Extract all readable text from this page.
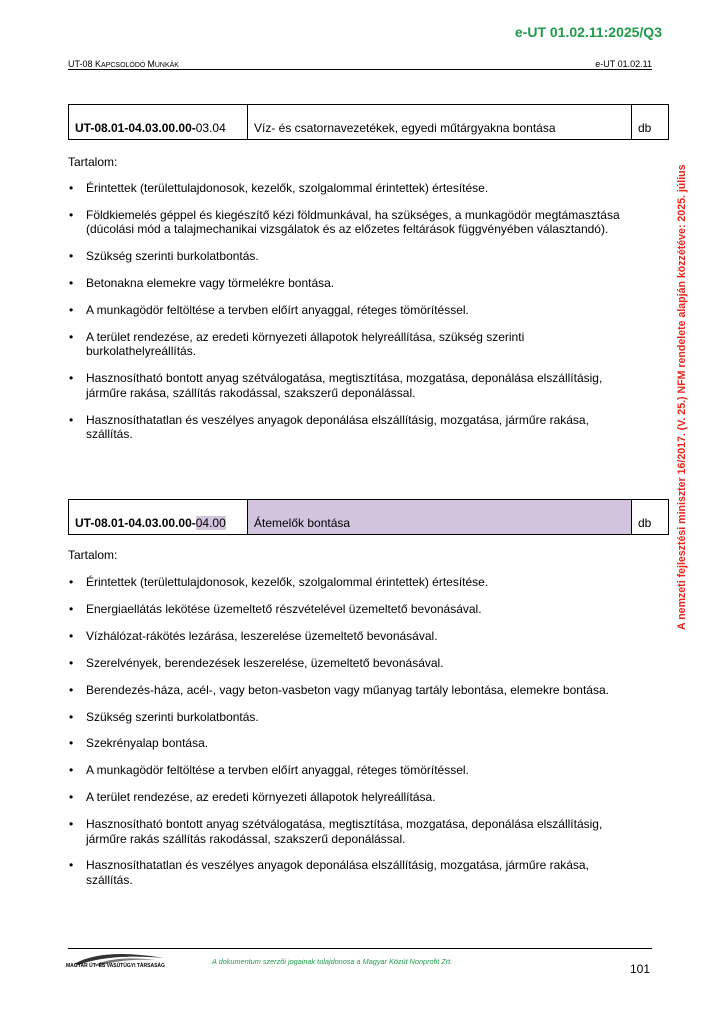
e-UT 01.02.11:2025/Q3
UT-08 KAPCSOLÓDÓ MUNKÁK	e-UT 01.02.11
A nemzeti fejlesztési miniszter 16/2017. (V. 25.) NFM rendelete alapján közzétéve: 2025. július
UT-08.01-04.03.00.00-03.04	Víz- és csatornavezetékek, egyedi műtárgyakna bontása	db
Tartalom:
• Érintettek (területtulajdonosok, kezelők, szolgalommal érintettek) értesítése.
• Földkiemelés géppel és kiegészítő kézi földmunkával, ha szükséges, a munkagödör megtámasztása (dúcolási mód a talajmechanikai vizsgálatok és az előzetes feltárások függvényében választandó).
• Szükség szerinti burkolatbontás.
• Betonakna elemekre vagy törmelékre bontása.
• A munkagödör feltöltése a tervben előírt anyaggal, réteges tömörítéssel.
• A terület rendezése, az eredeti környezeti állapotok helyreállítása, szükség szerinti burkolathelyreállítás.
• Hasznosítható bontott anyag szétválogatása, megtisztítása, mozgatása, deponálása elszállításig, járműre rakása, szállítás rakodással, szakszerű deponálással.
• Hasznosíthatatlan és veszélyes anyagok deponálása elszállításig, mozgatása, járműre rakása, szállítás.
UT-08.01-04.03.00.00-04.00	Átemelők bontása	db
Tartalom:
• Érintettek (területtulajdonosok, kezelők, szolgalommal érintettek) értesítése.
• Energiaellátás lekötése üzemeltető részvételével üzemeltető bevonásával.
• Vízhálózat-rákötés lezárása, leszerelése üzemeltető bevonásával.
• Szerelvények, berendezések leszerelése, üzemeltető bevonásával.
• Berendezés-háza, acél-, vagy beton-vasbeton vagy műanyag tartály lebontása, elemekre bontása.
• Szükség szerinti burkolatbontás.
• Szekrényalap bontása.
• A munkagödör feltöltése a tervben előírt anyaggal, réteges tömörítéssel.
• A terület rendezése, az eredeti környezeti állapotok helyreállítása.
• Hasznosítható bontott anyag szétválogatása, megtisztítása, mozgatása, deponálása elszállításig, járműre rakás szállítás rakodással, szakszerű deponálással.
• Hasznosíthatatlan és veszélyes anyagok deponálása elszállításig, mozgatása, járműre rakása, szállítás.
MAGYAR ÚT- ÉS VASÚTÜGYI TÁRSASÁG	A dokumentum szerzői jogainak tulajdonosa a Magyar Közút Nonprofit Zrt.
101
